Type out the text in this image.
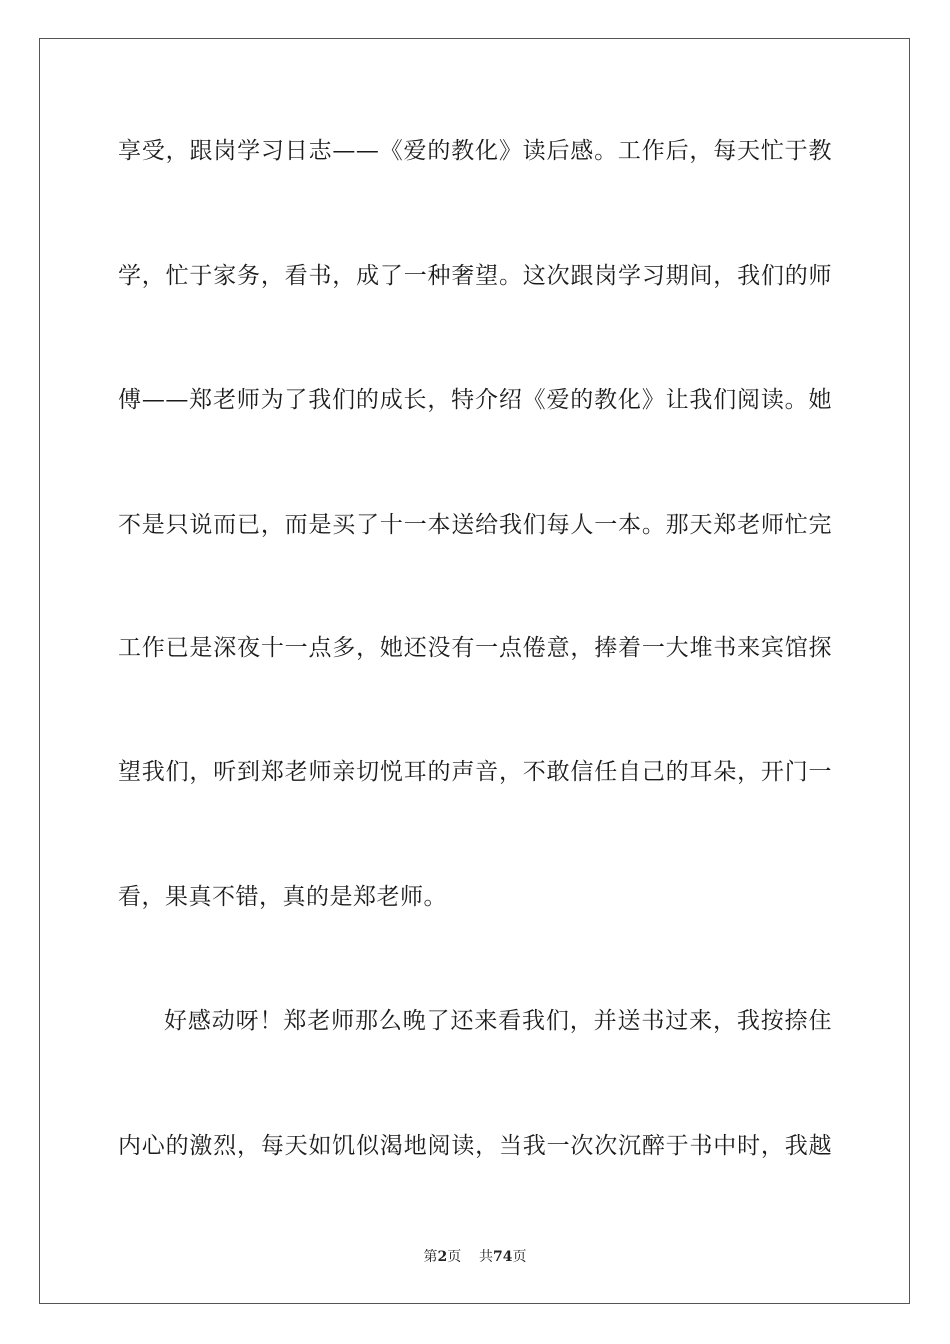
享受，跟岗学习日志——《爱的教化》读后感。工作后，每天忙于教
学，忙于家务，看书，成了一种奢望。这次跟岗学习期间，我们的师
傅——郑老师为了我们的成长，特介绍《爱的教化》让我们阅读。她
不是只说而已，而是买了十一本送给我们每人一本。那天郑老师忙完
工作已是深夜十一点多，她还没有一点倦意，捧着一大堆书来宾馆探
望我们，听到郑老师亲切悦耳的声音，不敢信任自己的耳朵，开门一
看，果真不错，真的是郑老师。
好感动呀！郑老师那么晚了还来看我们，并送书过来，我按捺住
内心的激烈，每天如饥似渴地阅读，当我一次次沉醉于书中时，我越
第2页 共74页
